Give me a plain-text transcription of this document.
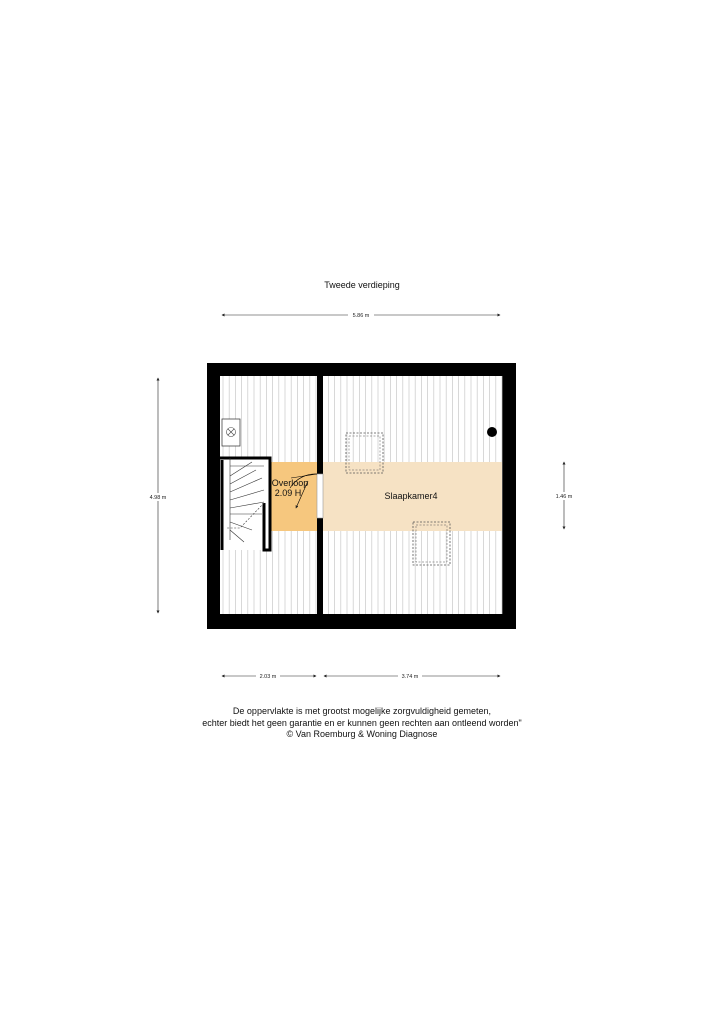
Tweede verdieping
Overloop
2.09 H	Slaapkamer4
5.86 m
4.98 m	1.46 m
2.03 m	3.74 m
De oppervlakte is met grootst mogelijke zorgvuldigheid gemeten,
echter biedt het geen garantie en er kunnen geen rechten aan ontleend worden"
© Van Roemburg & Woning Diagnose
